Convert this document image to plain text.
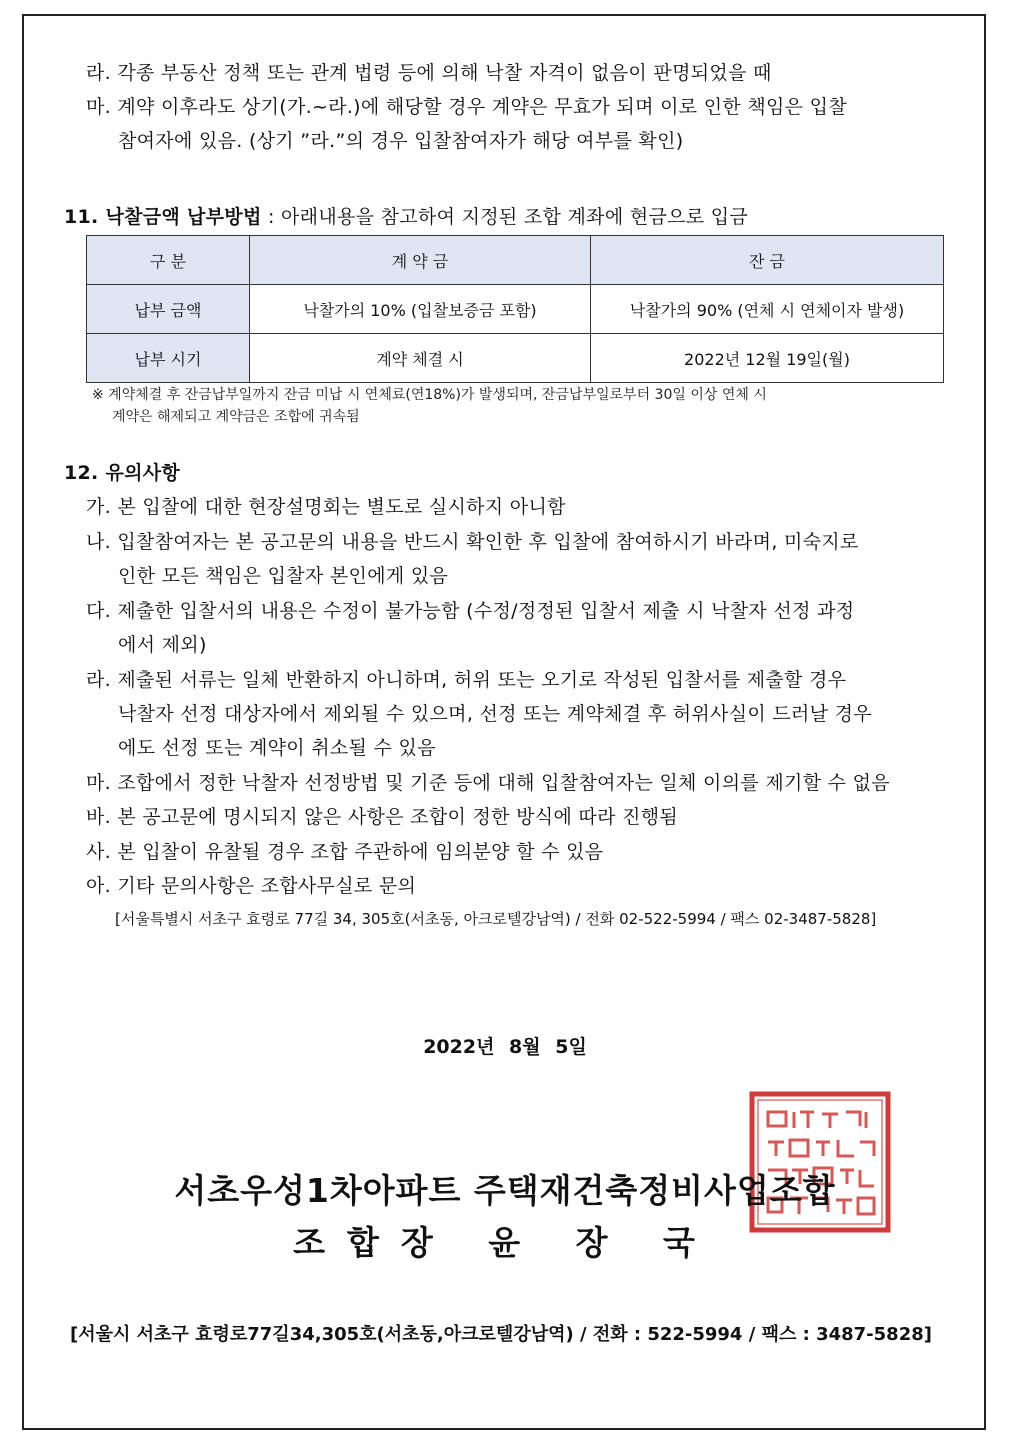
라. 각종 부동산 정책 또는 관계 법령 등에 의해 낙찰 자격이 없음이 판명되었을 때
마. 계약 이후라도 상기(가.~라.)에 해당할 경우 계약은 무효가 되며 이로 인한 책임은 입찰
참여자에 있음. (상기 ”라.”의 경우 입찰참여자가 해당 여부를 확인)
11. 낙찰금액 납부방법 : 아래내용을 참고하여 지정된 조합 계좌에 현금으로 입금
구 분	계 약 금	잔 금
납부 금액	낙찰가의 10% (입찰보증금 포함)	낙찰가의 90% (연체 시 연체이자 발생)
납부 시기	계약 체결 시	2022년 12월 19일(월)
※ 계약체결 후 잔금납부일까지 잔금 미납 시 연체료(연18%)가 발생되며, 잔금납부일로부터 30일 이상 연체 시
계약은 해제되고 계약금은 조합에 귀속됨
12. 유의사항
가. 본 입찰에 대한 현장설명회는 별도로 실시하지 아니함
나. 입찰참여자는 본 공고문의 내용을 반드시 확인한 후 입찰에 참여하시기 바라며, 미숙지로
인한 모든 책임은 입찰자 본인에게 있음
다. 제출한 입찰서의 내용은 수정이 불가능함 (수정/정정된 입찰서 제출 시 낙찰자 선정 과정
에서 제외)
라. 제출된 서류는 일체 반환하지 아니하며, 허위 또는 오기로 작성된 입찰서를 제출할 경우
낙찰자 선정 대상자에서 제외될 수 있으며, 선정 또는 계약체결 후 허위사실이 드러날 경우
에도 선정 또는 계약이 취소될 수 있음
마. 조합에서 정한 낙찰자 선정방법 및 기준 등에 대해 입찰참여자는 일체 이의를 제기할 수 없음
바. 본 공고문에 명시되지 않은 사항은 조합이 정한 방식에 따라 진행됨
사. 본 입찰이 유찰될 경우 조합 주관하에 임의분양 할 수 있음
아. 기타 문의사항은 조합사무실로 문의
[서울특별시 서초구 효령로 77길 34, 305호(서초동, 아크로텔강남역) / 전화 02-522-5994 / 팩스 02-3487-5828]
2022년 8월 5일
서초우성1차아파트 주택재건축정비사업조합
조합장 윤 장 국
[서울시 서초구 효령로77길34,305호(서초동,아크로텔강남역) / 전화 : 522-5994 / 팩스 : 3487-5828]
